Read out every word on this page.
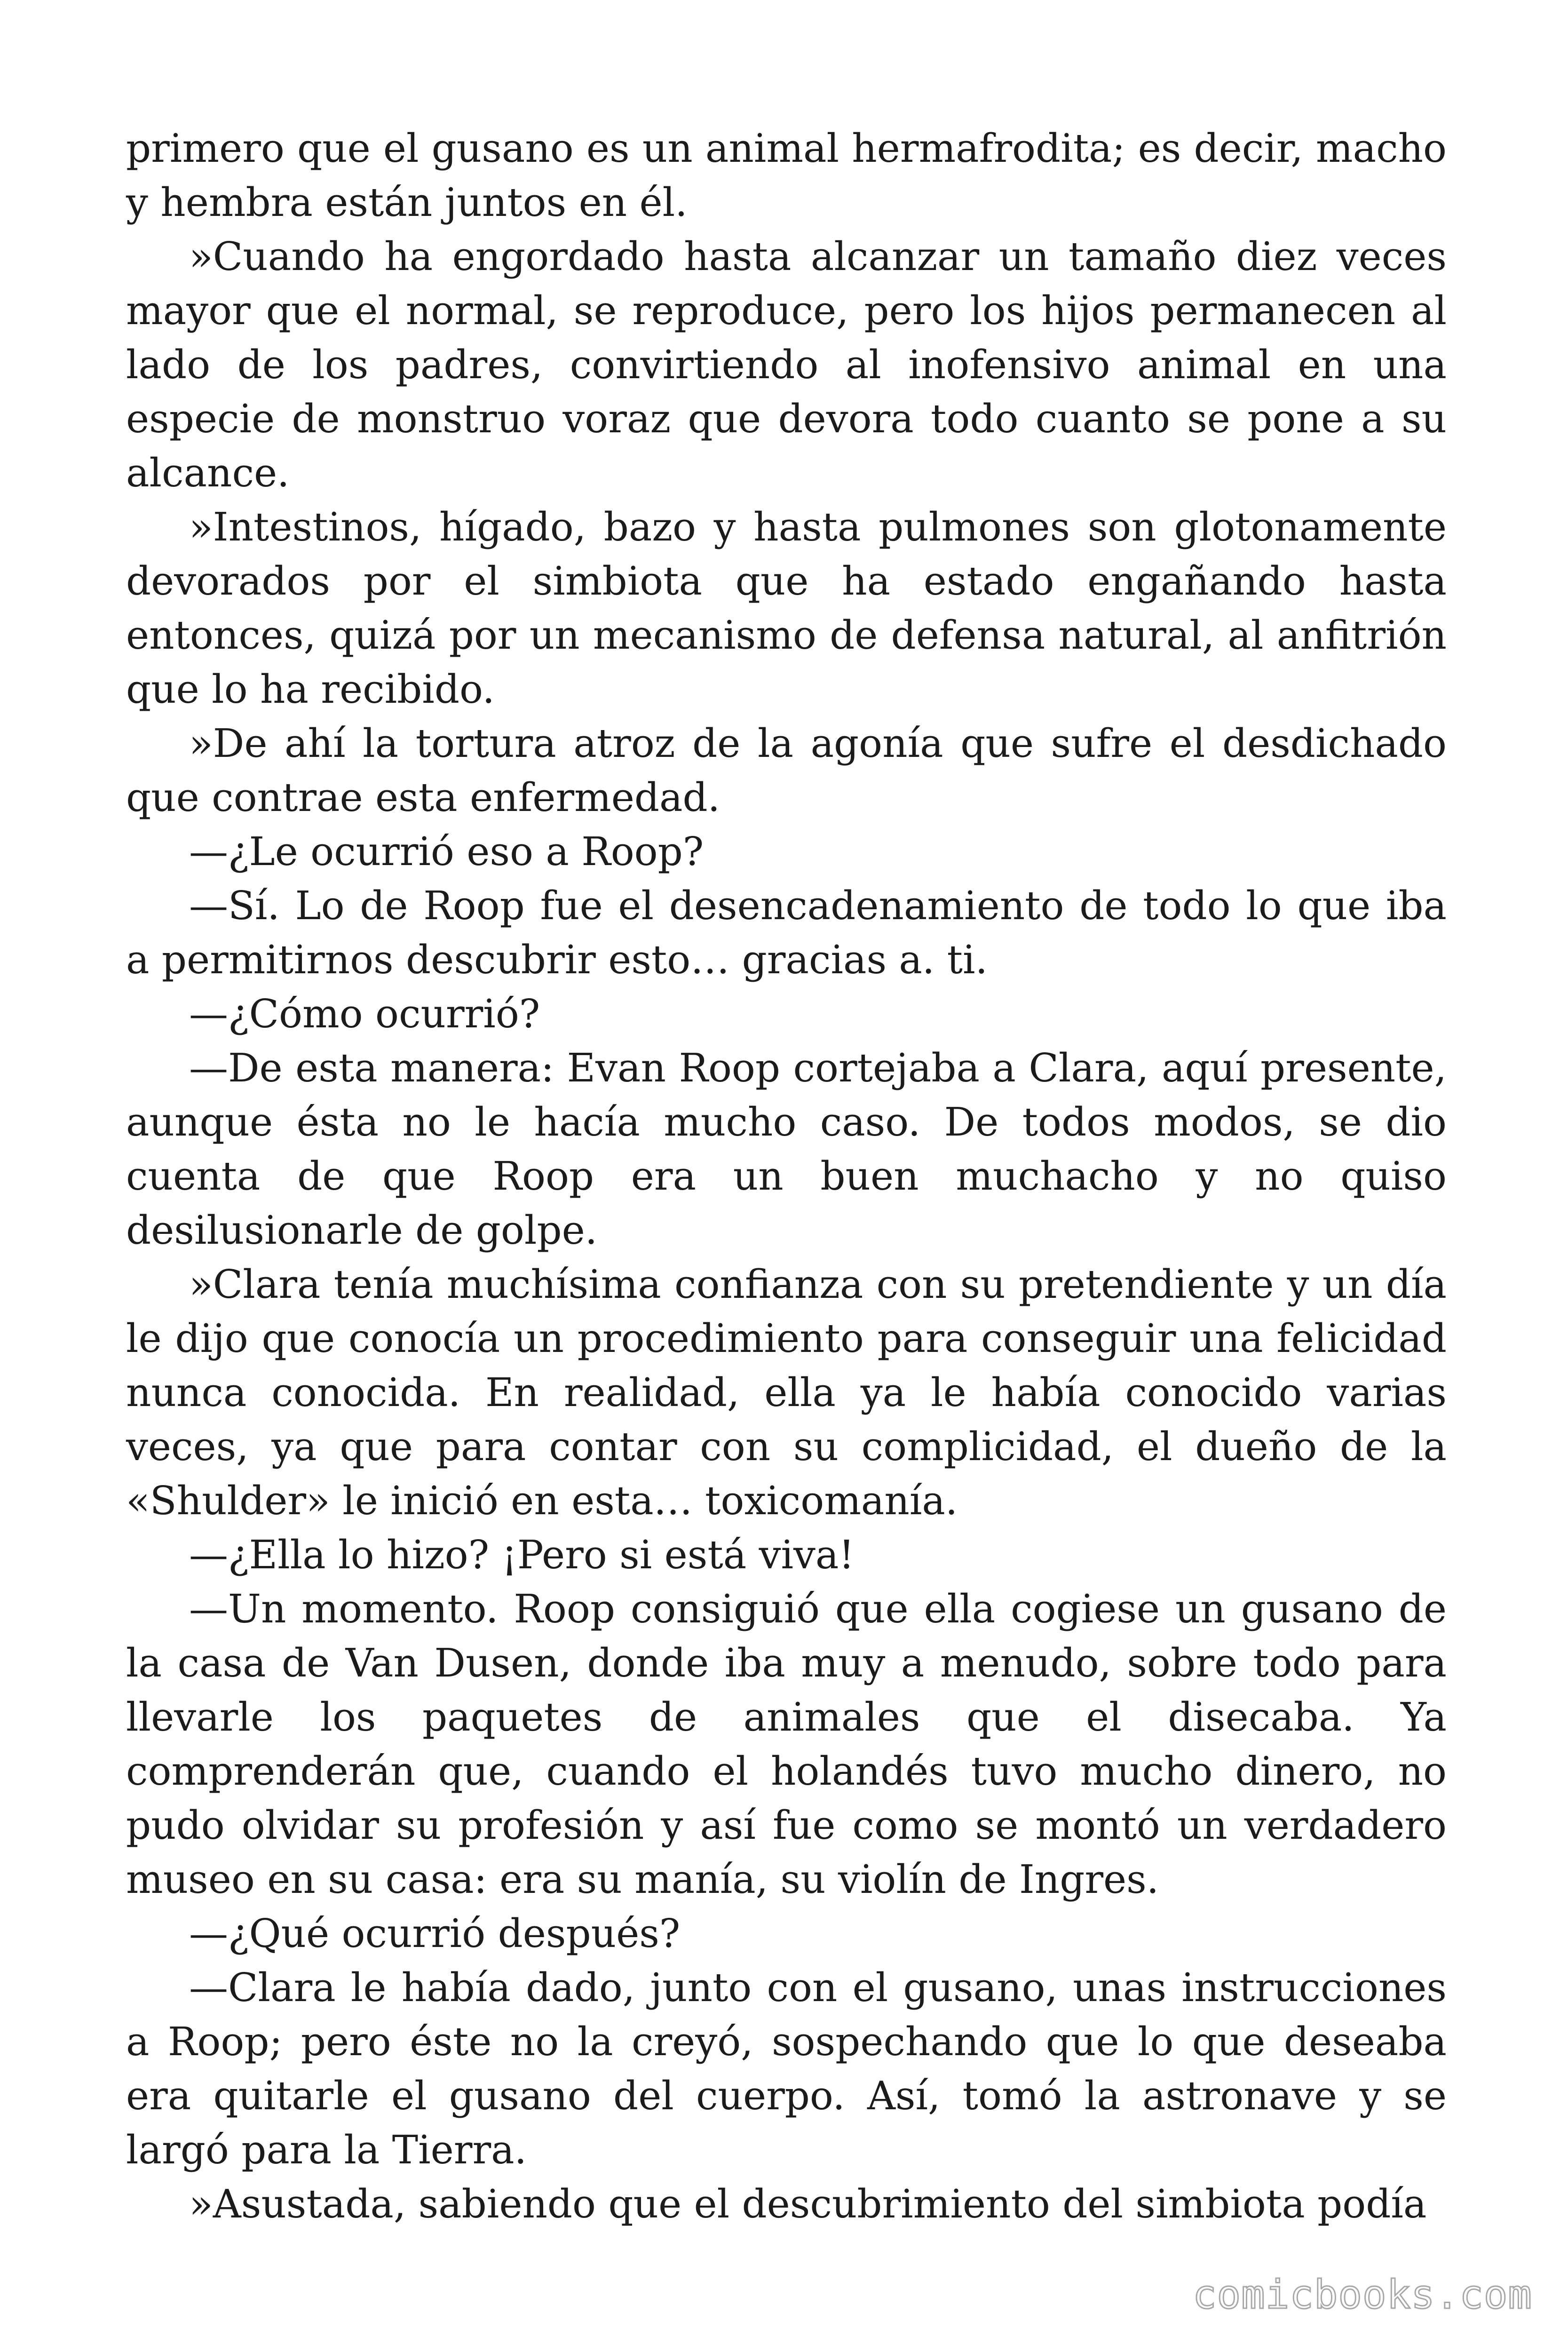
primero que el gusano es un animal hermafrodita; es decir, macho y hembra están juntos en él.

»Cuando ha engordado hasta alcanzar un tamaño diez veces mayor que el normal, se reproduce, pero los hijos permanecen al lado de los padres, convirtiendo al inofensivo animal en una especie de monstruo voraz que devora todo cuanto se pone a su alcance.

»Intestinos, hígado, bazo y hasta pulmones son glotonamente devorados por el simbiota que ha estado engañando hasta entonces, quizá por un mecanismo de defensa natural, al anfitrión que lo ha recibido.

»De ahí la tortura atroz de la agonía que sufre el desdichado que contrae esta enfermedad.

—¿Le ocurrió eso a Roop?

—Sí. Lo de Roop fue el desencadenamiento de todo lo que iba a permitirnos descubrir esto… gracias a. ti.

—¿Cómo ocurrió?

—De esta manera: Evan Roop cortejaba a Clara, aquí presente, aunque ésta no le hacía mucho caso. De todos modos, se dio cuenta de que Roop era un buen muchacho y no quiso desilusionarle de golpe.

»Clara tenía muchísima confianza con su pretendiente y un día le dijo que conocía un procedimiento para conseguir una felicidad nunca conocida. En realidad, ella ya le había conocido varias veces, ya que para contar con su complicidad, el dueño de la «Shulder» le inició en esta… toxicomanía.

—¿Ella lo hizo? ¡Pero si está viva!

—Un momento. Roop consiguió que ella cogiese un gusano de la casa de Van Dusen, donde iba muy a menudo, sobre todo para llevarle los paquetes de animales que el disecaba. Ya comprenderán que, cuando el holandés tuvo mucho dinero, no pudo olvidar su profesión y así fue como se montó un verdadero museo en su casa: era su manía, su violín de Ingres.

—¿Qué ocurrió después?

—Clara le había dado, junto con el gusano, unas instrucciones a Roop; pero éste no la creyó, sospechando que lo que deseaba era quitarle el gusano del cuerpo. Así, tomó la astronave y se largó para la Tierra.

»Asustada, sabiendo que el descubrimiento del simbiota podía

comicbooks.com
